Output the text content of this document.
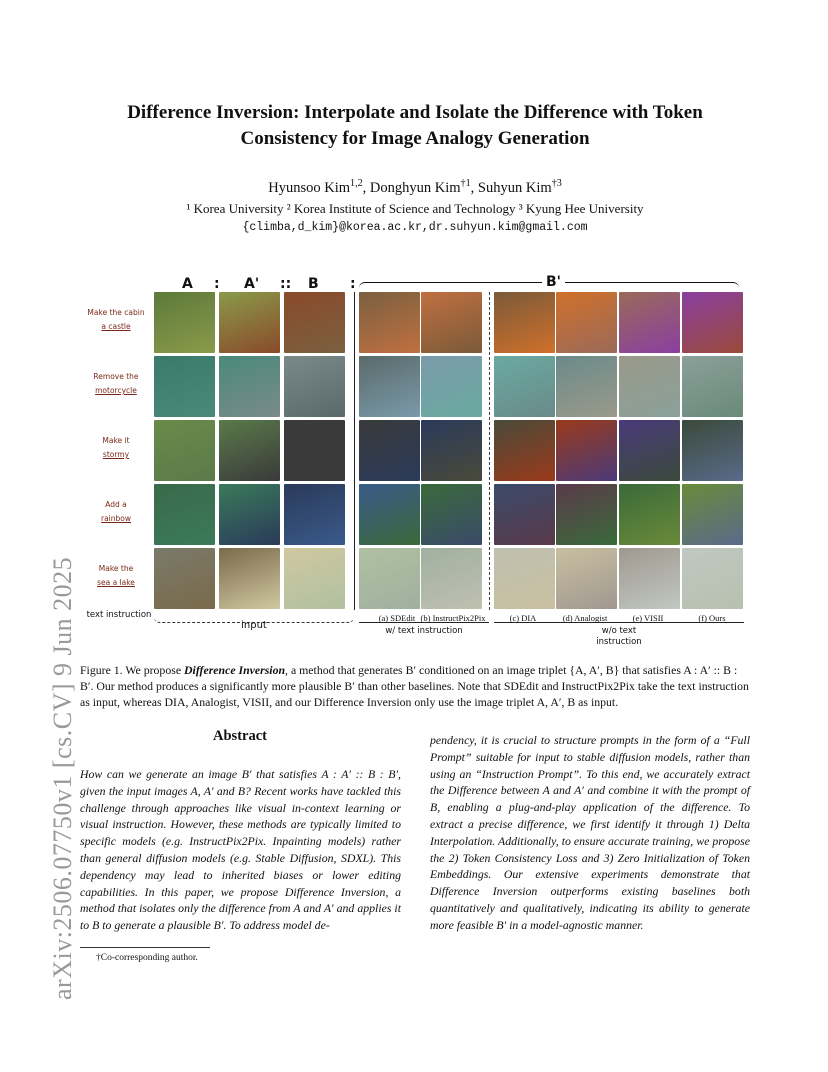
arXiv:2506.07750v1 [cs.CV] 9 Jun 2025
Difference Inversion: Interpolate and Isolate the Difference with Token Consistency for Image Analogy Generation
Hyunsoo Kim$^{1,2}$, Donghyun Kim$^{\dagger 1}$, Suhyun Kim$^{\dagger 3}$
¹ Korea University ² Korea Institute of Science and Technology ³ Kyung Hee University
{climba,d_kim}@korea.ac.kr,dr.suhyun.kim@gmail.com
A : A' :: B :	B'
(a) SDEdit (b) InstructPix2Pix	(c) DIA	(d) Analogist	(e) VISII	(f) Ours
text instruction
input	w/ text instruction	w/o text instruction
Make the cabin
a castle
Remove the
motorcycle
Make it
stormy
Add a
rainbow
Make the
sea a lake
Figure 1. We propose Difference Inversion, a method that generates B′ conditioned on an image triplet {A, A′, B} that satisfies A : A′ :: B : B′. Our method produces a significantly more plausible B′ than other baselines. Note that SDEdit and InstructPix2Pix take the text instruction as input, whereas DIA, Analogist, VISII, and our Difference Inversion only use the image triplet A, A′, B as input.
Abstract
How can we generate an image B′ that satisfies A : A′ :: B : B′, given the input images A, A′ and B? Recent works have tackled this challenge through approaches like visual in-context learning or visual instruction. However, these methods are typically limited to specific models (e.g. InstructPix2Pix. Inpainting models) rather than general diffusion models (e.g. Stable Diffusion, SDXL). This dependency may lead to inherited biases or lower editing capabilities. In this paper, we propose Difference Inversion, a method that isolates only the difference from A and A′ and applies it to B to generate a plausible B′. To address model de-
pendency, it is crucial to structure prompts in the form of a “Full Prompt” suitable for input to stable diffusion models, rather than using an “Instruction Prompt”. To this end, we accurately extract the Difference between A and A′ and combine it with the prompt of B, enabling a plug-and-play application of the difference. To extract a precise difference, we first identify it through 1) Delta Interpolation. Additionally, to ensure accurate training, we propose the 2) Token Consistency Loss and 3) Zero Initialization of Token Embeddings. Our extensive experiments demonstrate that Difference Inversion outperforms existing baselines both quantitatively and qualitatively, indicating its ability to generate more feasible B′ in a model-agnostic manner.
†Co-corresponding author.
